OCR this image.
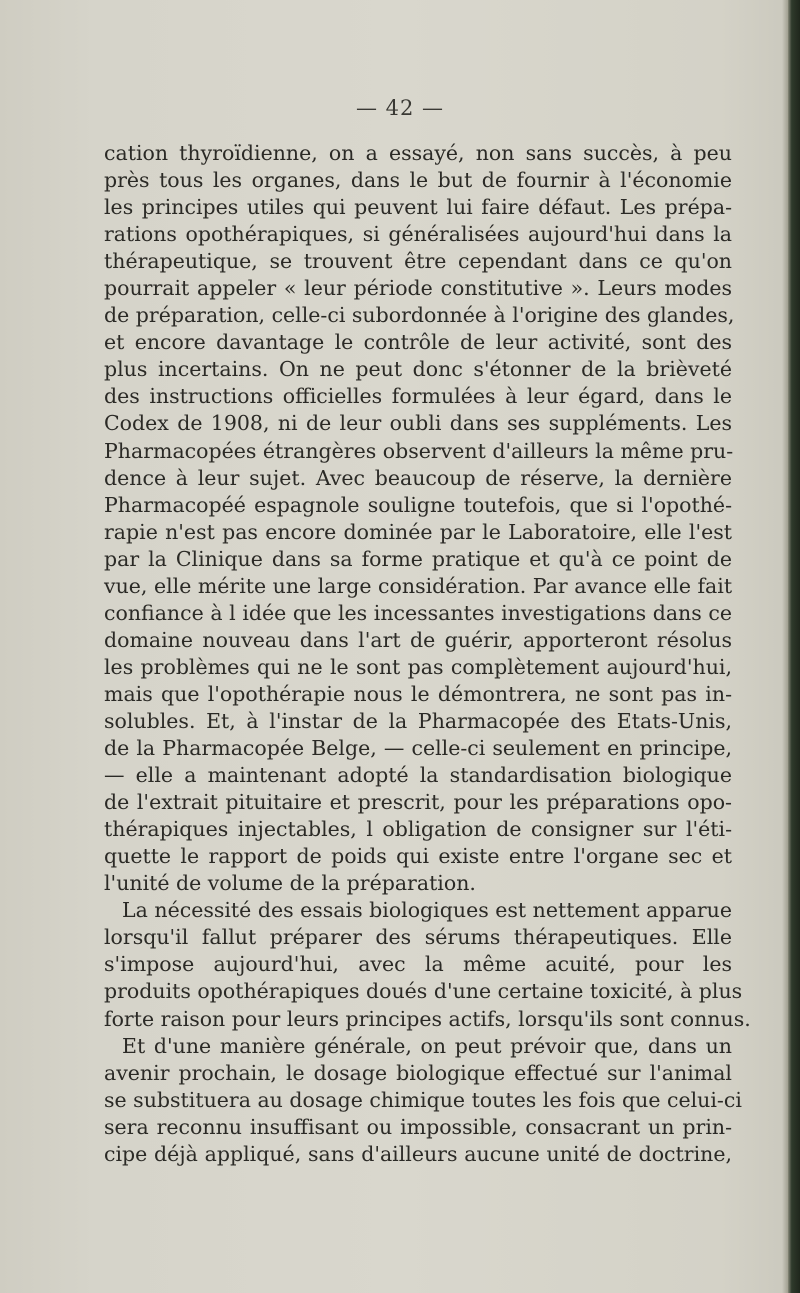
— 42 —
cation thyroïdienne, on a essayé, non sans succès, à peu
près tous les organes, dans le but de fournir à l'économie
les principes utiles qui peuvent lui faire défaut. Les prépa-
rations opothérapiques, si généralisées aujourd'hui dans la
thérapeutique, se trouvent être cependant dans ce qu'on
pourrait appeler « leur période constitutive ». Leurs modes
de préparation, celle-ci subordonnée à l'origine des glandes,
et encore davantage le contrôle de leur activité, sont des
plus incertains. On ne peut donc s'étonner de la brièveté
des instructions officielles formulées à leur égard, dans le
Codex de 1908, ni de leur oubli dans ses suppléments. Les
Pharmacopées étrangères observent d'ailleurs la même pru-
dence à leur sujet. Avec beaucoup de réserve, la dernière
Pharmacopéé espagnole souligne toutefois, que si l'opothé-
rapie n'est pas encore dominée par le Laboratoire, elle l'est
par la Clinique dans sa forme pratique et qu'à ce point de
vue, elle mérite une large considération. Par avance elle fait
confiance à l idée que les incessantes investigations dans ce
domaine nouveau dans l'art de guérir, apporteront résolus
les problèmes qui ne le sont pas complètement aujourd'hui,
mais que l'opothérapie nous le démontrera, ne sont pas in-
solubles. Et, à l'instar de la Pharmacopée des Etats-Unis,
de la Pharmacopée Belge, — celle-ci seulement en principe,
— elle a maintenant adopté la standardisation biologique
de l'extrait pituitaire et prescrit, pour les préparations opo-
thérapiques injectables, l obligation de consigner sur l'éti-
quette le rapport de poids qui existe entre l'organe sec et
l'unité de volume de la préparation.
La nécessité des essais biologiques est nettement apparue
lorsqu'il fallut préparer des sérums thérapeutiques. Elle
s'impose aujourd'hui, avec la même acuité, pour les
produits opothérapiques doués d'une certaine toxicité, à plus
forte raison pour leurs principes actifs, lorsqu'ils sont connus.
Et d'une manière générale, on peut prévoir que, dans un
avenir prochain, le dosage biologique effectué sur l'animal
se substituera au dosage chimique toutes les fois que celui-ci
sera reconnu insuffisant ou impossible, consacrant un prin-
cipe déjà appliqué, sans d'ailleurs aucune unité de doctrine,
